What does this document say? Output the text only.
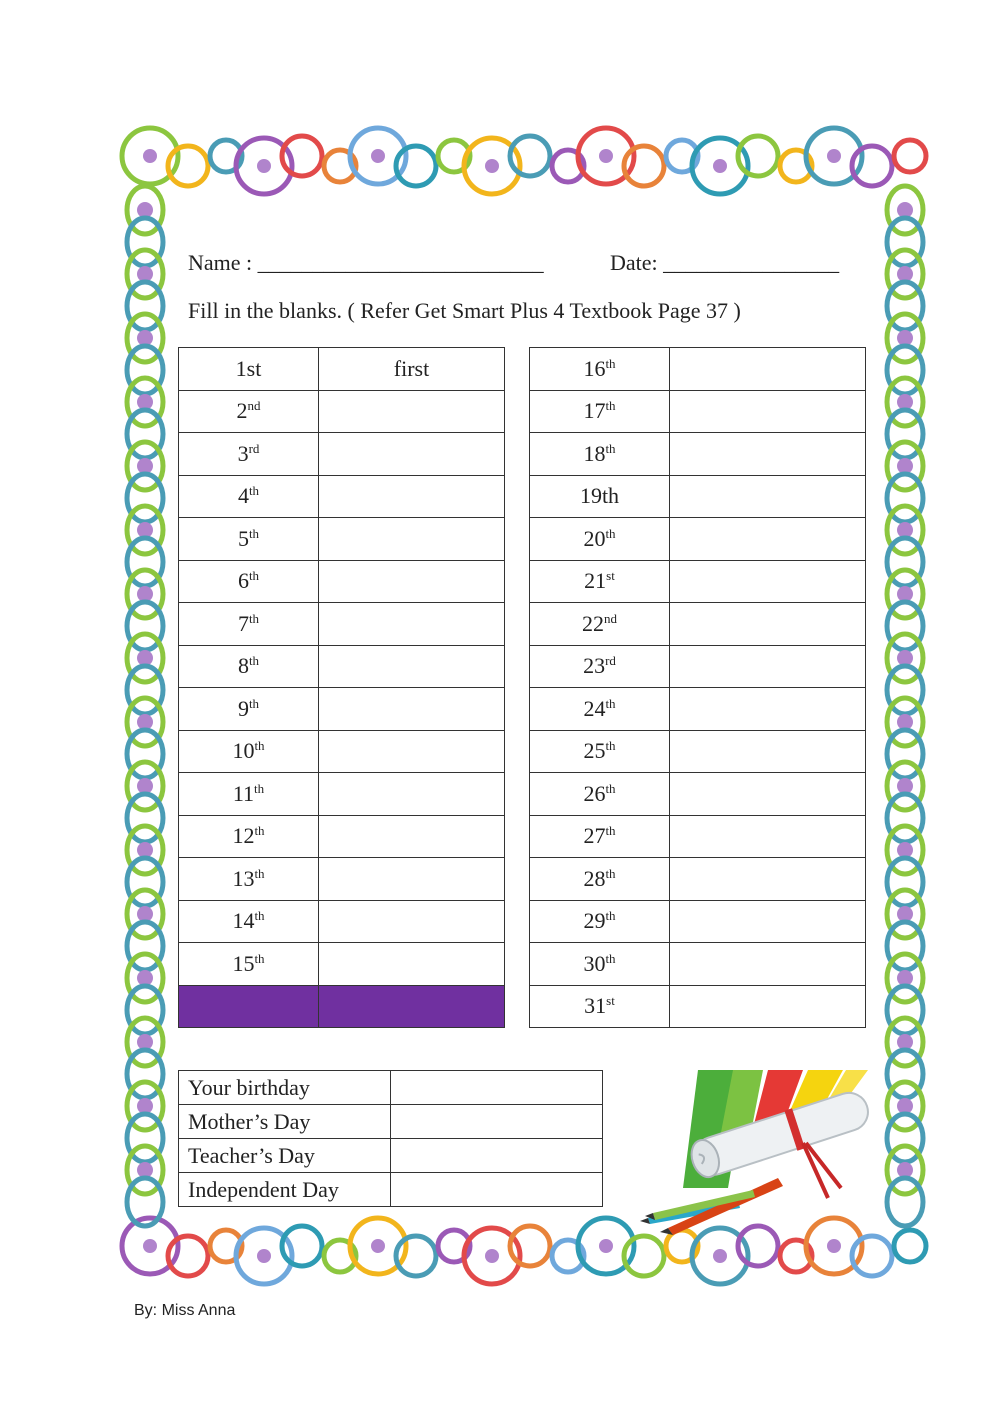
Name : __________________________	Date: ________________
Fill in the blanks. ( Refer Get Smart Plus 4 Textbook Page 37 )
1st	first
2nd	
3rd	
4th	
5th	
6th	
7th	
8th	
9th	
10th	
11th	
12th	
13th	
14th	
15th	

16th	
17th	
18th	
19th	
20th	
21st	
22nd	
23rd	
24th	
25th	
26th	
27th	
28th	
29th	
30th	
31st	
Your birthday	
Mother’s Day	
Teacher’s Day	
Independent Day	
By: Miss Anna
